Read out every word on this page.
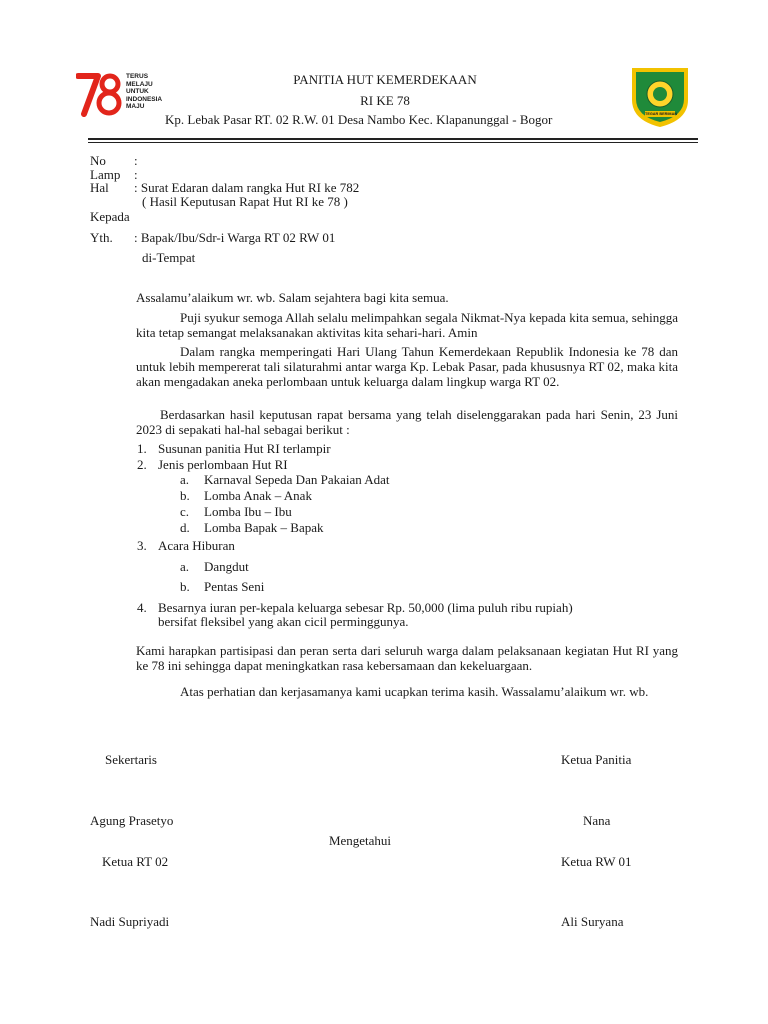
TERUS
MELAJU
UNTUK
INDONESIA
MAJU
PANITIA HUT KEMERDEKAAN
RI KE 78
Kp. Lebak Pasar RT. 02 R.W. 01 Desa Nambo Kec. Klapanunggal - Bogor	TEGAR BERIMAN
No :
Lamp :
Hal : Surat Edaran dalam rangka Hut RI ke 782
( Hasil Keputusan Rapat Hut RI ke 78 )
Kepada
Yth. : Bapak/Ibu/Sdr-i Warga RT 02 RW 01
di-Tempat
Assalamu’alaikum wr. wb. Salam sejahtera bagi kita semua.
Puji syukur semoga Allah selalu melimpahkan segala Nikmat-Nya kepada kita semua, sehingga kita tetap semangat melaksanakan aktivitas kita sehari-hari. Amin
Dalam rangka memperingati Hari Ulang Tahun Kemerdekaan Republik Indonesia ke 78 dan untuk lebih mempererat tali silaturahmi antar warga Kp. Lebak Pasar, pada khususnya RT 02, maka kita akan mengadakan aneka perlombaan untuk keluarga dalam lingkup warga RT 02.
Berdasarkan hasil keputusan rapat bersama yang telah diselenggarakan pada hari Senin, 23 Juni 2023 di sepakati hal-hal sebagai berikut :
1. Susunan panitia Hut RI terlampir
2. Jenis perlombaan Hut RI
a. Karnaval Sepeda Dan Pakaian Adat
b. Lomba Anak – Anak
c. Lomba Ibu – Ibu
d. Lomba Bapak – Bapak
3. Acara Hiburan
a. Dangdut
b. Pentas Seni
4. Besarnya iuran per-kepala keluarga sebesar Rp. 50,000 (lima puluh ribu rupiah)
bersifat fleksibel yang akan cicil perminggunya.
Kami harapkan partisipasi dan peran serta dari seluruh warga dalam pelaksanaan kegiatan Hut RI yang ke 78 ini sehingga dapat meningkatkan rasa kebersamaan dan kekeluargaan.
Atas perhatian dan kerjasamanya kami ucapkan terima kasih. Wassalamu’alaikum wr. wb.
Sekertaris	Ketua Panitia
Agung Prasetyo	Nana
Mengetahui
Ketua RT 02	Ketua RW 01
Nadi Supriyadi	Ali Suryana
